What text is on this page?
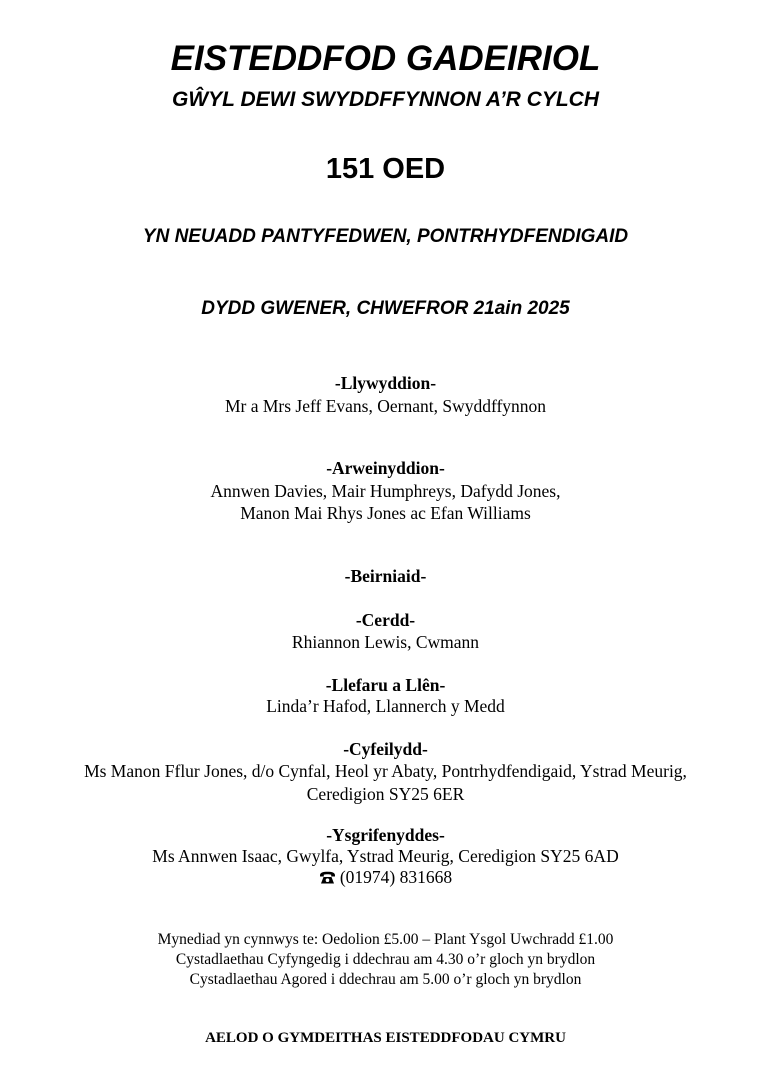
EISTEDDFOD GADEIRIOL
GŴYL DEWI SWYDDFFYNNON A’R CYLCH
151 OED
YN NEUADD PANTYFEDWEN, PONTRHYDFENDIGAID
DYDD GWENER, CHWEFROR 21ain 2025
-Llywyddion-
Mr a Mrs Jeff Evans, Oernant, Swyddffynnon
-Arweinyddion-
Annwen Davies, Mair Humphreys, Dafydd Jones,
Manon Mai Rhys Jones ac Efan Williams
-Beirniaid-
-Cerdd-
Rhiannon Lewis, Cwmann
-Llefaru a Llên-
Linda’r Hafod, Llannerch y Medd
-Cyfeilydd-
Ms Manon Fflur Jones, d/o Cynfal, Heol yr Abaty, Pontrhydfendigaid, Ystrad Meurig,
Ceredigion SY25 6ER
-Ysgrifenyddes-
Ms Annwen Isaac, Gwylfa, Ystrad Meurig, Ceredigion SY25 6AD
(01974) 831668
Mynediad yn cynnwys te: Oedolion £5.00 – Plant Ysgol Uwchradd £1.00
Cystadlaethau Cyfyngedig i ddechrau am 4.30 o’r gloch yn brydlon
Cystadlaethau Agored i ddechrau am 5.00 o’r gloch yn brydlon
AELOD O GYMDEITHAS EISTEDDFODAU CYMRU
